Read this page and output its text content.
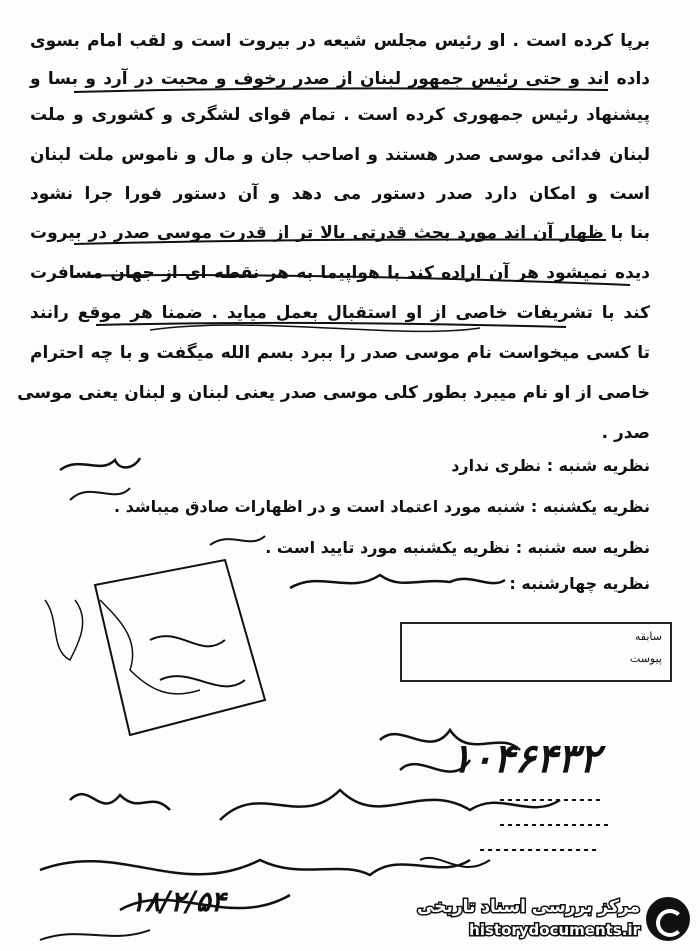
برپا کرده است . او رئیس مجلس شیعه در بیروت است و لقب امام بسوی
داده اند و حتی رئیس جمهور لبنان از صدر رخوف و محبت در آرد و بسا و
پیشنهاد رئیس جمهوری کرده است . تمام قوای لشگری و کشوری و ملت
لبنان فدائی موسی صدر هستند و اصاحب جان و مال و ناموس ملت لبنان
است و امکان دارد صدر دستور می دهد و آن دستور فورا جرا نشود
بنا با ظهار آن اند مورد بحث قدرتی بالا تر از قدرت موسی صدر در بیروت
دیده نمیشود هر آن اراده کند با هواپیما به هر نقطه ای از جهان مسافرت
کند با تشریفات خاصی از او استقبال بعمل میاید . ضمنا هر موقع رانند
تا کسی میخواست نام موسی صدر را ببرد بسم الله میگفت و با چه احترام
خاصی از او نام میبرد بطور کلی موسی صدر یعنی لبنان و لبنان یعنی موسی
صدر .
نظریه شنبه : نظری ندارد
نظریه یکشنبه : شنبه مورد اعتماد است و در اظهارات صادق میباشد .
نظریه سه شنبه : نظریه یکشنبه مورد تایید است .
نظریه چهارشنبه :
سابقه
پیوست
۱۰۴۶۴۳۲
۱۸/۲/۵۴	مرکز بررسی اسناد تاریخی
historydocuments.ir
